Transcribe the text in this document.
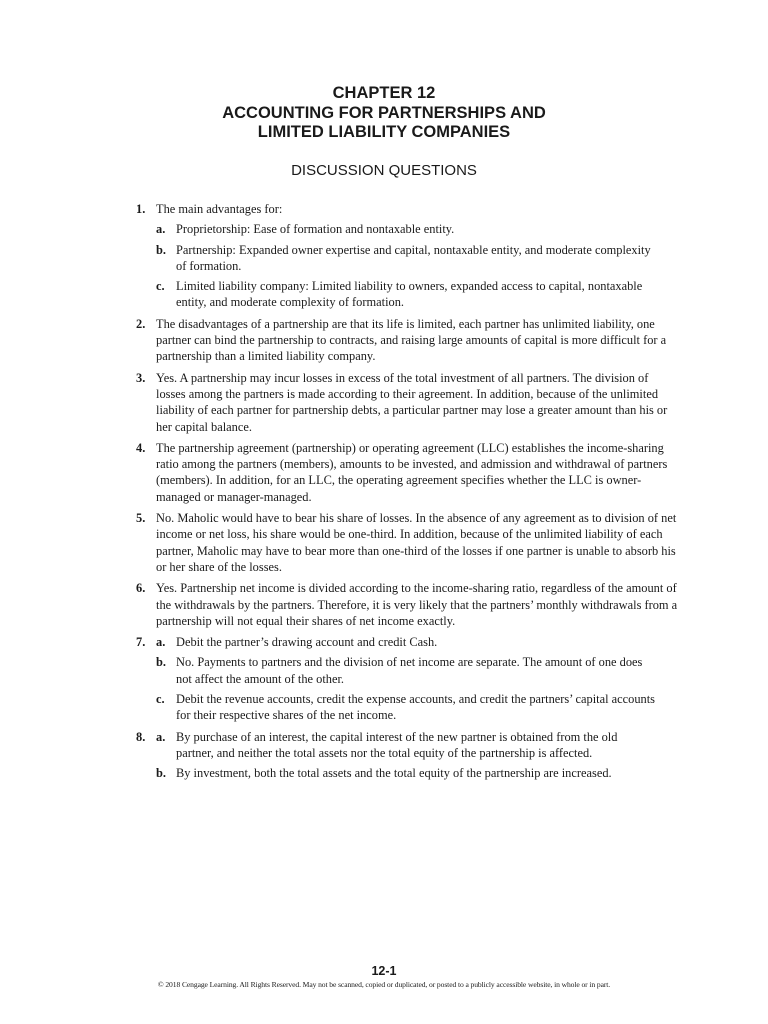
CHAPTER 12
ACCOUNTING FOR PARTNERSHIPS AND
LIMITED LIABILITY COMPANIES
DISCUSSION QUESTIONS
1. The main advantages for:
a. Proprietorship: Ease of formation and nontaxable entity.
b. Partnership: Expanded owner expertise and capital, nontaxable entity, and moderate complexity of formation.
c. Limited liability company: Limited liability to owners, expanded access to capital, nontaxable entity, and moderate complexity of formation.
2. The disadvantages of a partnership are that its life is limited, each partner has unlimited liability, one partner can bind the partnership to contracts, and raising large amounts of capital is more difficult for a partnership than a limited liability company.
3. Yes. A partnership may incur losses in excess of the total investment of all partners. The division of losses among the partners is made according to their agreement. In addition, because of the unlimited liability of each partner for partnership debts, a particular partner may lose a greater amount than his or her capital balance.
4. The partnership agreement (partnership) or operating agreement (LLC) establishes the income-sharing ratio among the partners (members), amounts to be invested, and admission and withdrawal of partners (members). In addition, for an LLC, the operating agreement specifies whether the LLC is owner-managed or manager-managed.
5. No. Maholic would have to bear his share of losses. In the absence of any agreement as to division of net income or net loss, his share would be one-third. In addition, because of the unlimited liability of each partner, Maholic may have to bear more than one-third of the losses if one partner is unable to absorb his or her share of the losses.
6. Yes. Partnership net income is divided according to the income-sharing ratio, regardless of the amount of the withdrawals by the partners. Therefore, it is very likely that the partners’ monthly withdrawals from a partnership will not equal their shares of net income exactly.
7. a. Debit the partner’s drawing account and credit Cash.
b. No. Payments to partners and the division of net income are separate. The amount of one does not affect the amount of the other.
c. Debit the revenue accounts, credit the expense accounts, and credit the partners’ capital accounts for their respective shares of the net income.
8. a. By purchase of an interest, the capital interest of the new partner is obtained from the old partner, and neither the total assets nor the total equity of the partnership is affected.
b. By investment, both the total assets and the total equity of the partnership are increased.
12-1
© 2018 Cengage Learning. All Rights Reserved. May not be scanned, copied or duplicated, or posted to a publicly accessible website, in whole or in part.
